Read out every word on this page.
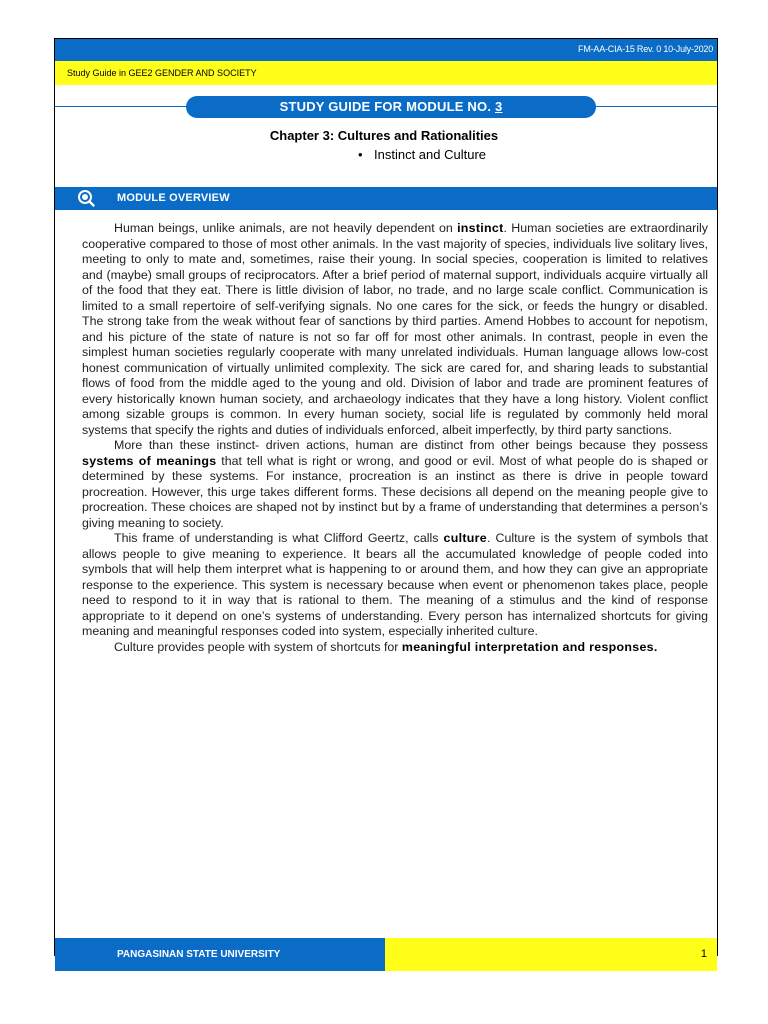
FM-AA-CIA-15 Rev. 0 10-July-2020
Study Guide in GEE2 GENDER AND SOCIETY
STUDY GUIDE FOR MODULE NO. 3
Chapter 3: Cultures and Rationalities
• Instinct and Culture
MODULE OVERVIEW

Human beings, unlike animals, are not heavily dependent on instinct. Human societies are extraordinarily cooperative compared to those of most other animals. In the vast majority of species, individuals live solitary lives, meeting to only to mate and, sometimes, raise their young. In social species, cooperation is limited to relatives and (maybe) small groups of reciprocators. After a brief period of maternal support, individuals acquire virtually all of the food that they eat. There is little division of labor, no trade, and no large scale conflict. Communication is limited to a small repertoire of self-verifying signals. No one cares for the sick, or feeds the hungry or disabled. The strong take from the weak without fear of sanctions by third parties. Amend Hobbes to account for nepotism, and his picture of the state of nature is not so far off for most other animals. In contrast, people in even the simplest human societies regularly cooperate with many unrelated individuals. Human language allows low-cost honest communication of virtually unlimited complexity. The sick are cared for, and sharing leads to substantial flows of food from the middle aged to the young and old. Division of labor and trade are prominent features of every historically known human society, and archaeology indicates that they have a long history. Violent conflict among sizable groups is common. In every human society, social life is regulated by commonly held moral systems that specify the rights and duties of individuals enforced, albeit imperfectly, by third party sanctions.

More than these instinct- driven actions, human are distinct from other beings because they possess systems of meanings that tell what is right or wrong, and good or evil. Most of what people do is shaped or determined by these systems. For instance, procreation is an instinct as there is drive in people toward procreation. However, this urge takes different forms. These decisions all depend on the meaning people give to procreation. These choices are shaped not by instinct but by a frame of understanding that determines a person’s giving meaning to society.

This frame of understanding is what Clifford Geertz, calls culture. Culture is the system of symbols that allows people to give meaning to experience. It bears all the accumulated knowledge of people coded into symbols that will help them interpret what is happening to or around them, and how they can give an appropriate response to the experience. This system is necessary because when event or phenomenon takes place, people need to respond to it in way that is rational to them. The meaning of a stimulus and the kind of response appropriate to it depend on one’s systems of understanding. Every person has internalized shortcuts for giving meaning and meaningful responses coded into system, especially inherited culture.

Culture provides people with system of shortcuts for meaningful interpretation and responses.

PANGASINAN STATE UNIVERSITY	1
